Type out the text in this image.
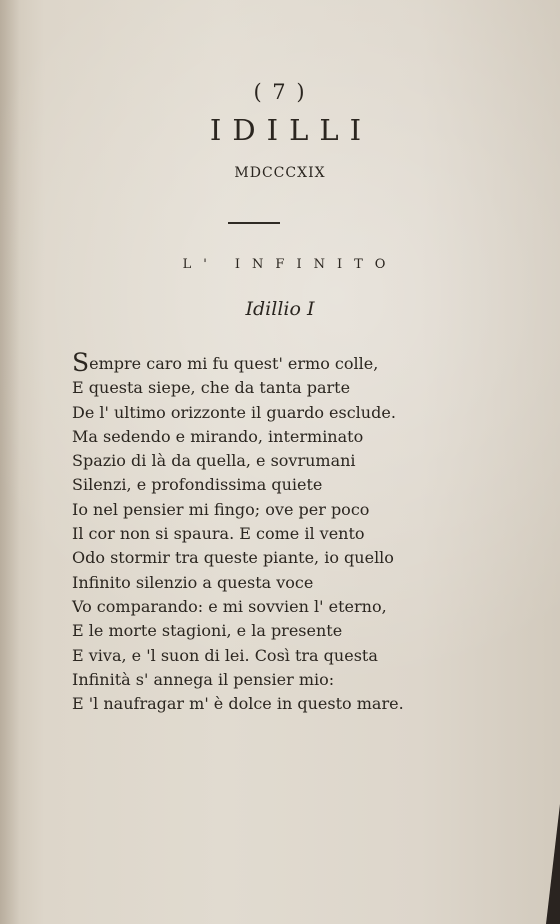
( 7 )
IDILLI
MDCCCXIX
L' INFINITO
Idillio I
Sempre caro mi fu quest' ermo colle,
E questa siepe, che da tanta parte
De l' ultimo orizzonte il guardo esclude.
Ma sedendo e mirando, interminato
Spazio di là da quella, e sovrumani
Silenzi, e profondissima quiete
Io nel pensier mi fingo; ove per poco
Il cor non si spaura. E come il vento
Odo stormir tra queste piante, io quello
Infinito silenzio a questa voce
Vo comparando: e mi sovvien l' eterno,
E le morte stagioni, e la presente
E viva, e 'l suon di lei. Così tra questa
Infinità s' annega il pensier mio:
E 'l naufragar m' è dolce in questo mare.
